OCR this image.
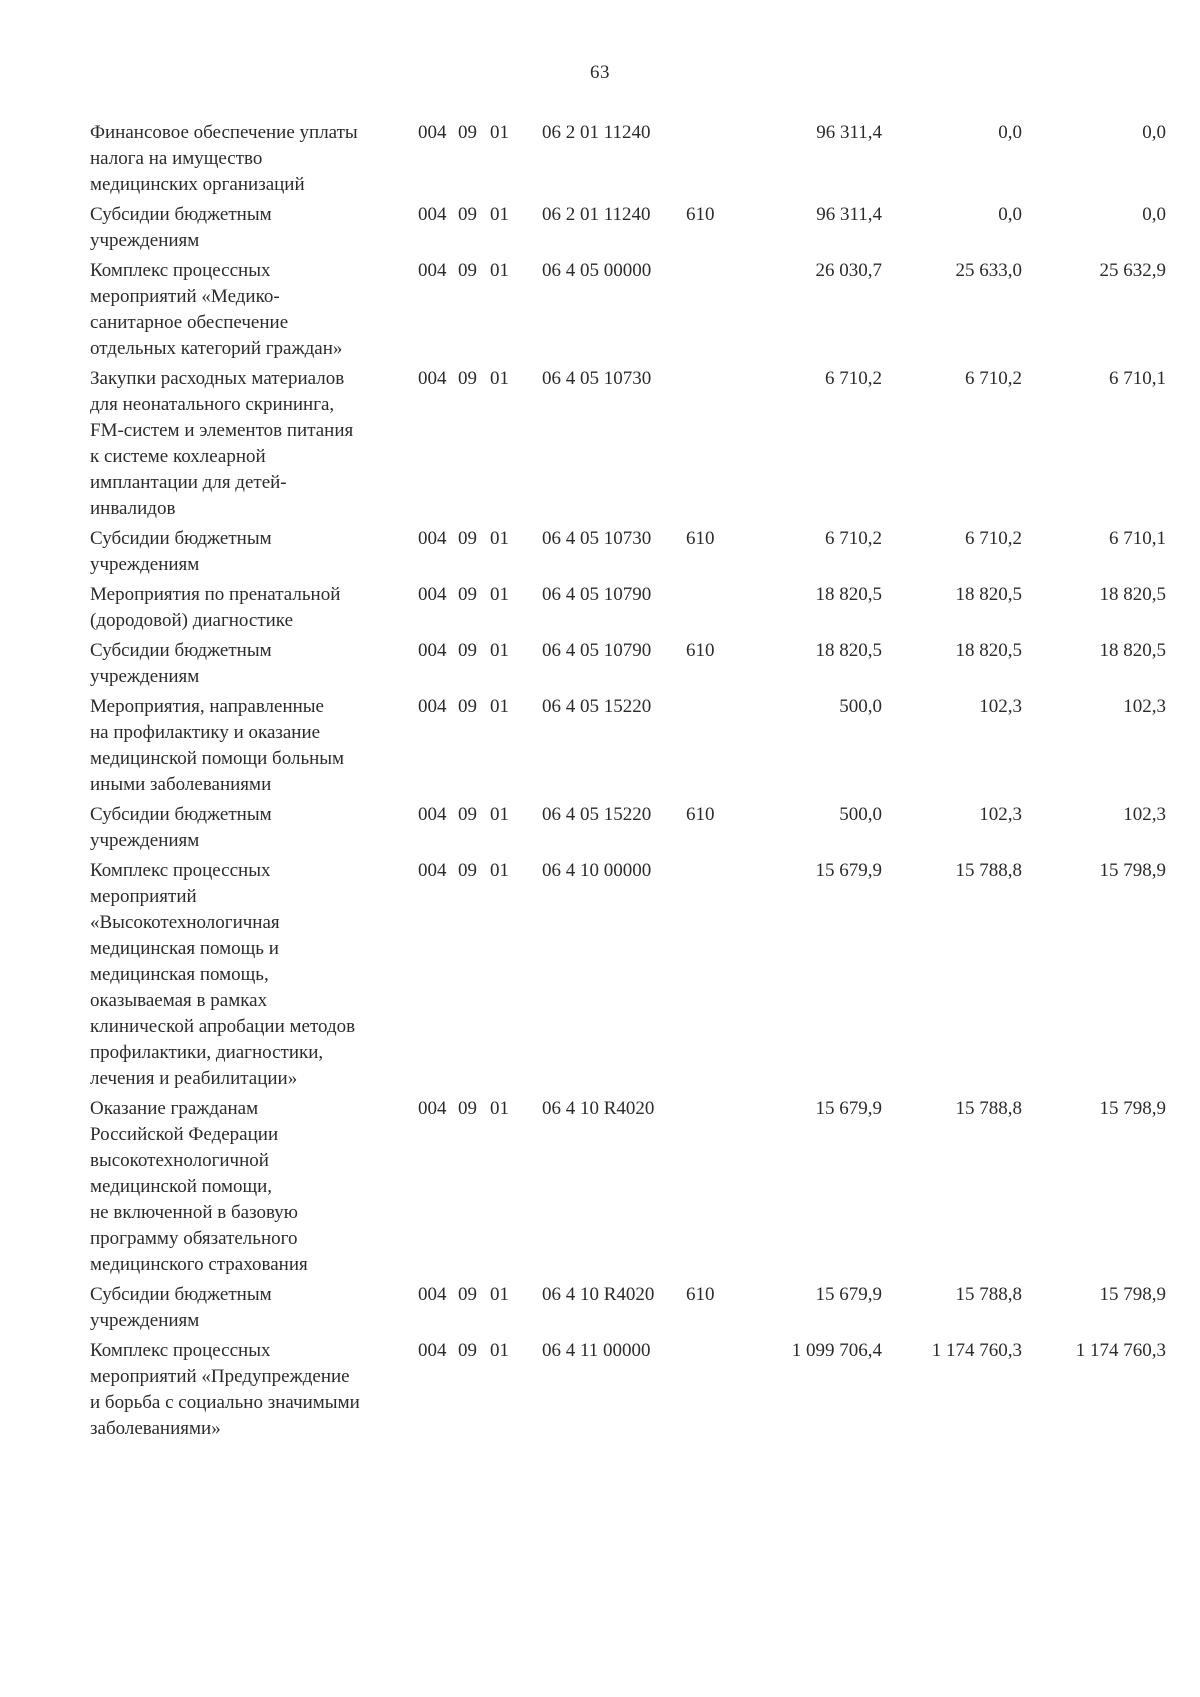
63
Финансовое обеспечение уплаты
налога на имущество
медицинских организаций
004 09 01	06 2 01 11240	96 311,4	0,0	0,0
Субсидии бюджетным
учреждениям
004 09 01	06 2 01 11240	610	96 311,4	0,0	0,0
Комплекс процессных
мероприятий «Медико-
санитарное обеспечение
отдельных категорий граждан»
004 09 01	06 4 05 00000	26 030,7	25 633,0	25 632,9
Закупки расходных материалов
для неонатального скрининга,
FM-систем и элементов питания
к системе кохлеарной
имплантации для детей-
инвалидов
004 09 01	06 4 05 10730	6 710,2	6 710,2	6 710,1
Субсидии бюджетным
учреждениям
004 09 01	06 4 05 10730	610	6 710,2	6 710,2	6 710,1
Мероприятия по пренатальной
(дородовой) диагностике
004 09 01	06 4 05 10790	18 820,5	18 820,5	18 820,5
Субсидии бюджетным
учреждениям
004 09 01	06 4 05 10790	610	18 820,5	18 820,5	18 820,5
Мероприятия, направленные
на профилактику и оказание
медицинской помощи больным
иными заболеваниями
004 09 01	06 4 05 15220	500,0	102,3	102,3
Субсидии бюджетным
учреждениям
004 09 01	06 4 05 15220	610	500,0	102,3	102,3
Комплекс процессных
мероприятий
«Высокотехнологичная
медицинская помощь и
медицинская помощь,
оказываемая в рамках
клинической апробации методов
профилактики, диагностики,
лечения и реабилитации»
004 09 01	06 4 10 00000	15 679,9	15 788,8	15 798,9
Оказание гражданам
Российской Федерации
высокотехнологичной
медицинской помощи,
не включенной в базовую
программу обязательного
медицинского страхования
004 09 01	06 4 10 R4020	15 679,9	15 788,8	15 798,9
Субсидии бюджетным
учреждениям
004 09 01	06 4 10 R4020	610	15 679,9	15 788,8	15 798,9
Комплекс процессных
мероприятий «Предупреждение
и борьба с социально значимыми
заболеваниями»
004 09 01	06 4 11 00000	1 099 706,4	1 174 760,3	1 174 760,3
